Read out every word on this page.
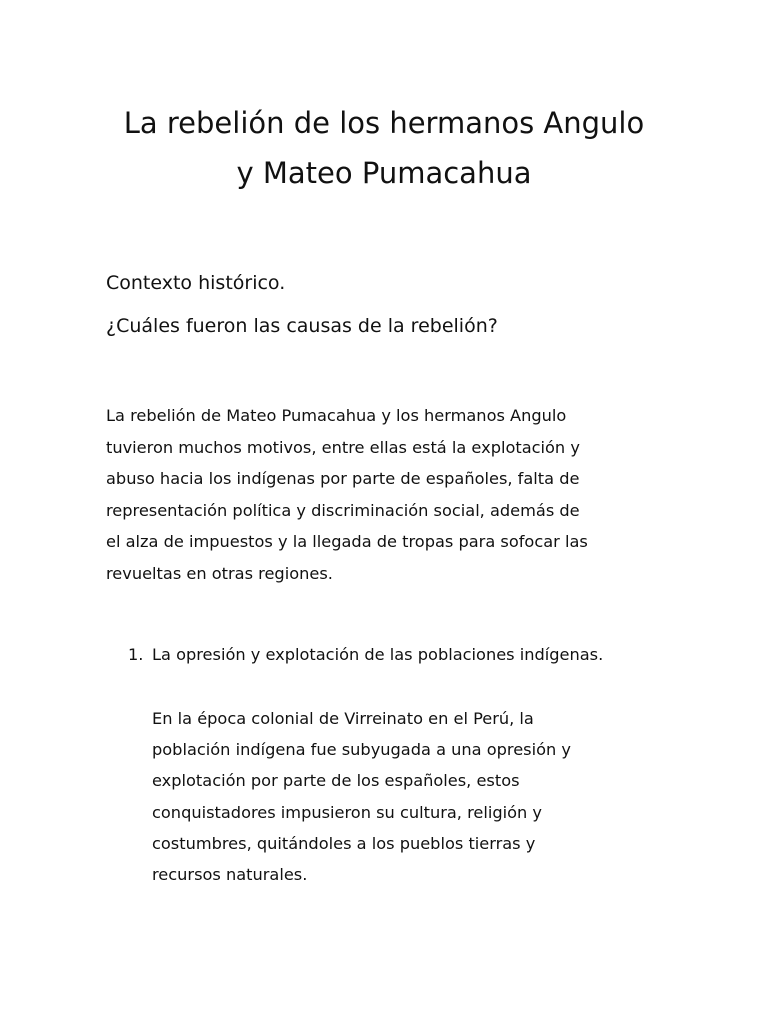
La rebelión de los hermanos Angulo
y Mateo Pumacahua

Contexto histórico.

¿Cuáles fueron las causas de la rebelión?

La rebelión de Mateo Pumacahua y los hermanos Angulo
tuvieron muchos motivos, entre ellas está la explotación y
abuso hacia los indígenas por parte de españoles, falta de
representación política y discriminación social, además de
el alza de impuestos y la llegada de tropas para sofocar las
revueltas en otras regiones.
1. La opresión y explotación de las poblaciones indígenas.
En la época colonial de Virreinato en el Perú, la
población indígena fue subyugada a una opresión y
explotación por parte de los españoles, estos
conquistadores impusieron su cultura, religión y
costumbres, quitándoles a los pueblos tierras y
recursos naturales.
